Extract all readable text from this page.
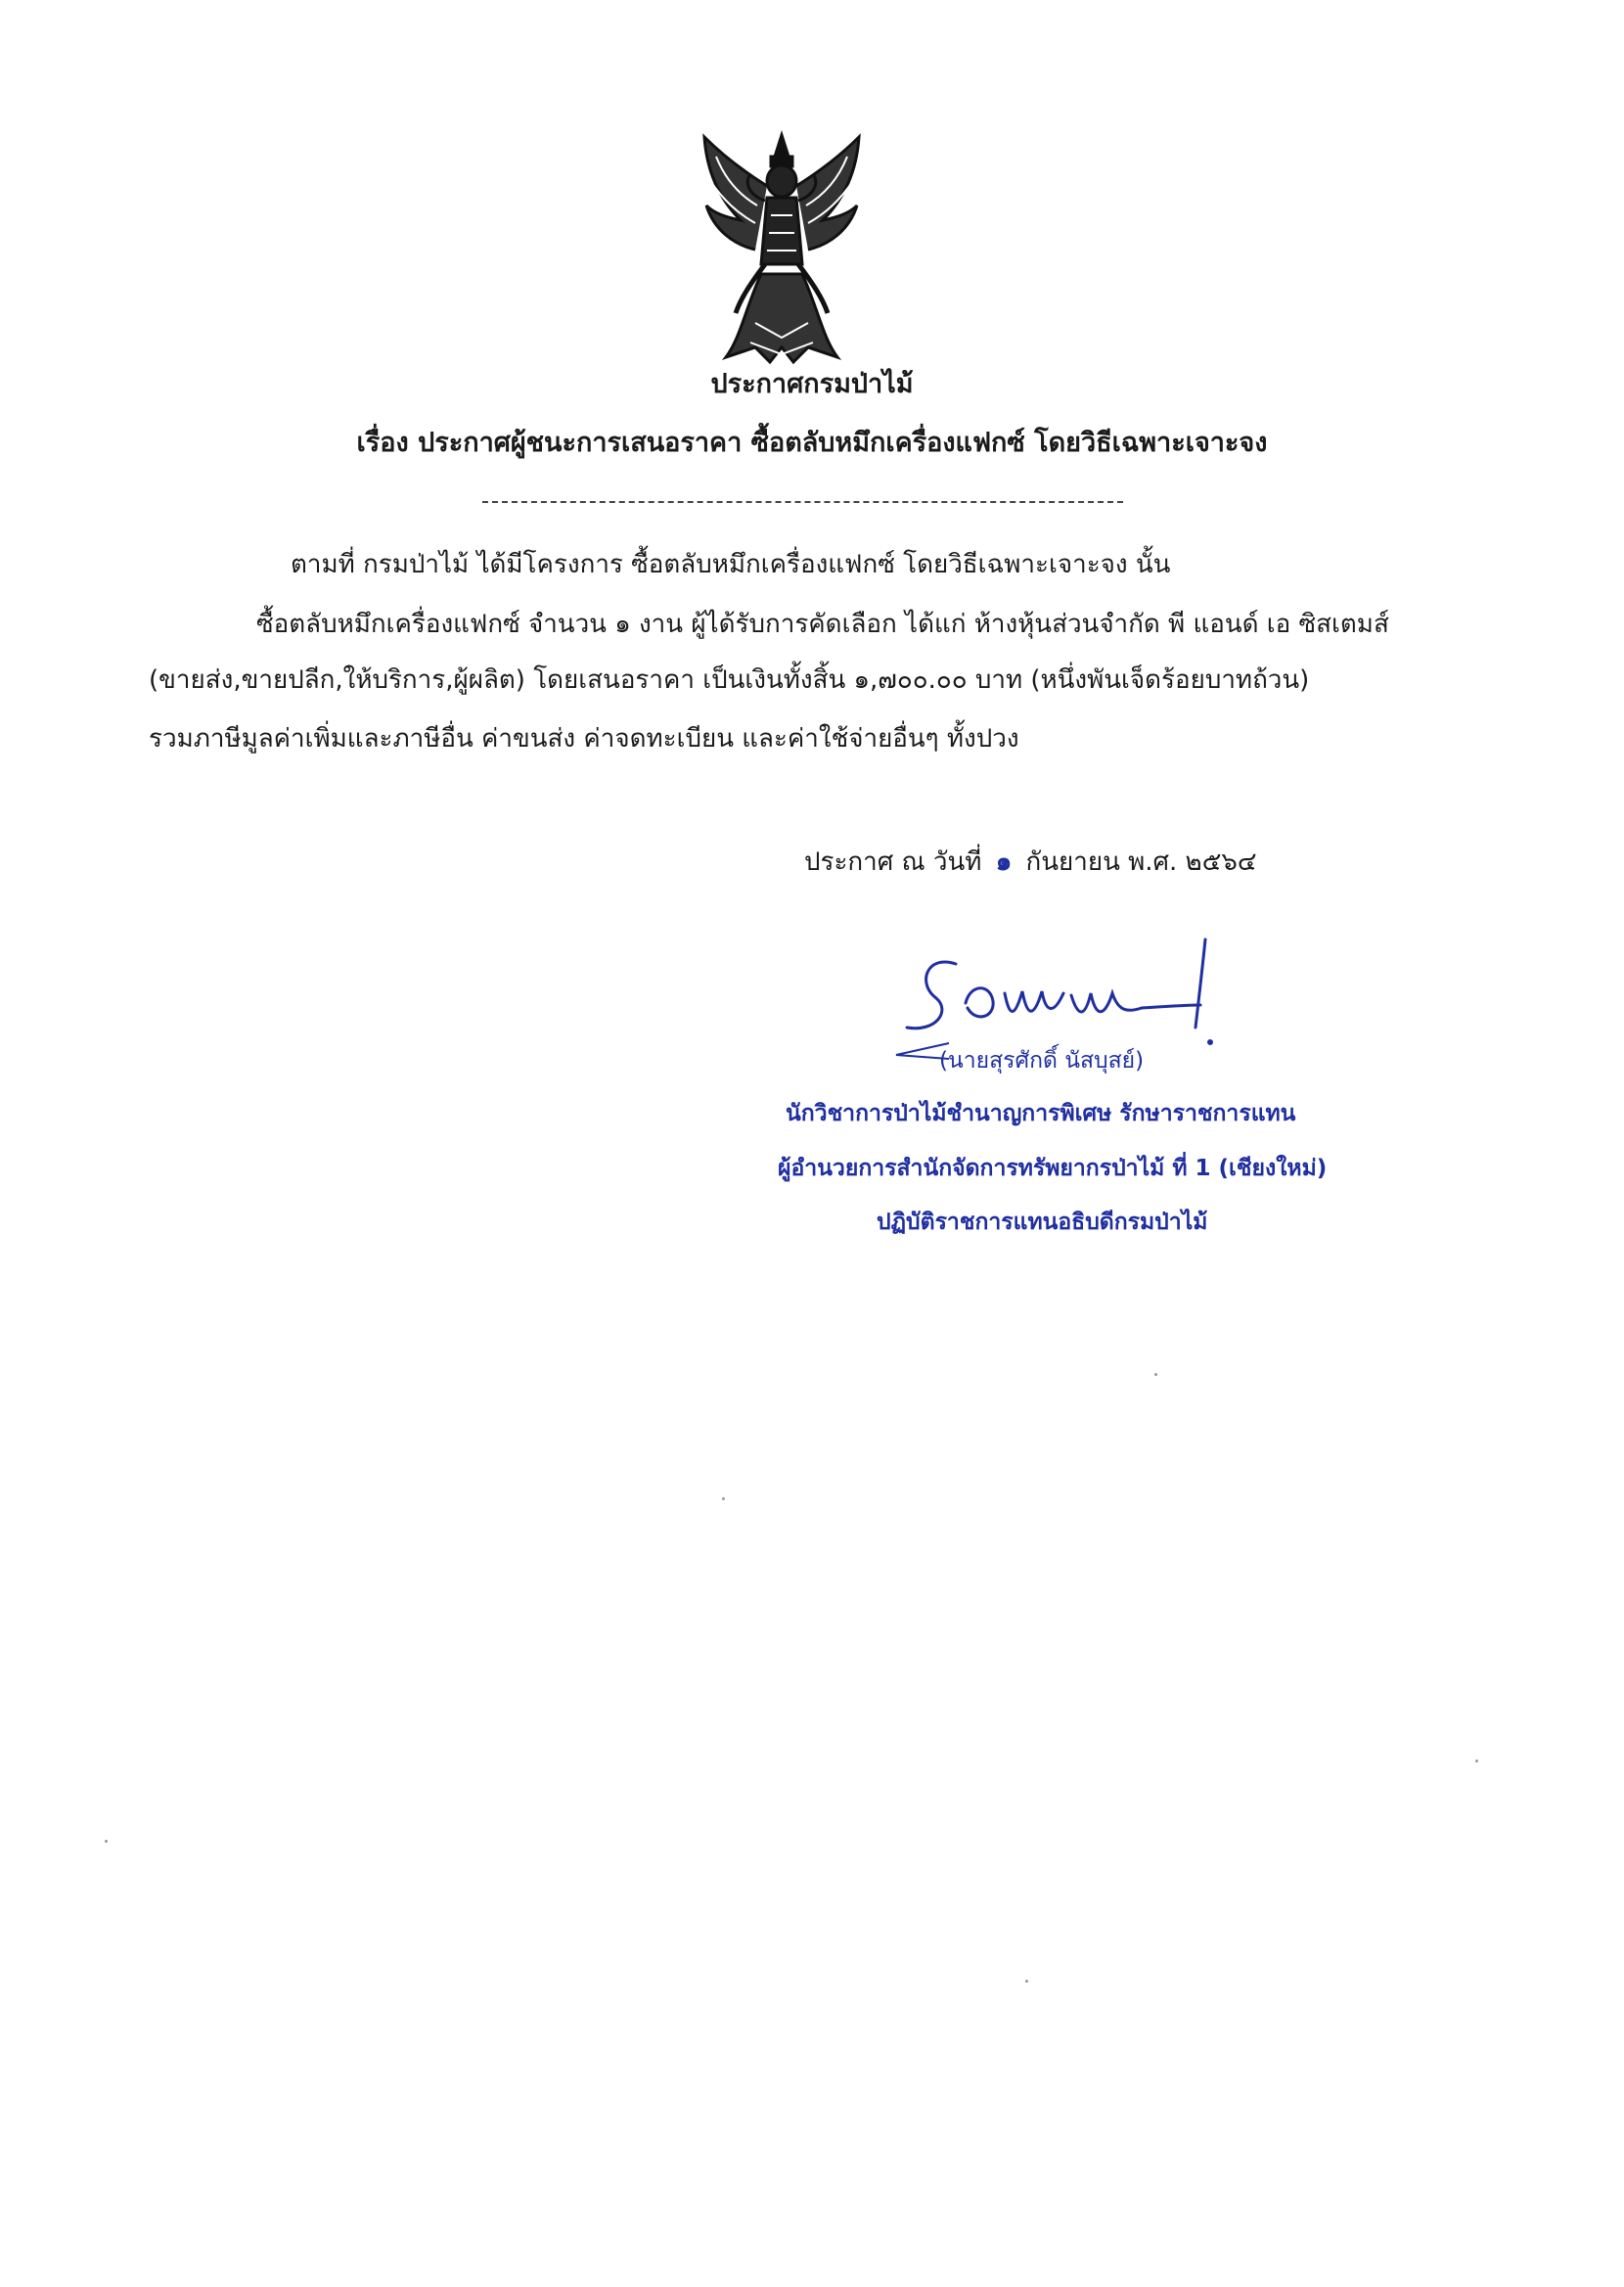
ประกาศกรมป่าไม้
เรื่อง ประกาศผู้ชนะการเสนอราคา ซื้อตลับหมึกเครื่องแฟกซ์ โดยวิธีเฉพาะเจาะจง
ตามที่ กรมป่าไม้ ได้มีโครงการ ซื้อตลับหมึกเครื่องแฟกซ์ โดยวิธีเฉพาะเจาะจง นั้น
ซื้อตลับหมึกเครื่องแฟกซ์ จำนวน ๑ งาน ผู้ได้รับการคัดเลือก ได้แก่ ห้างหุ้นส่วนจำกัด พี แอนด์ เอ ซิสเตมส์
(ขายส่ง,ขายปลีก,ให้บริการ,ผู้ผลิต) โดยเสนอราคา เป็นเงินทั้งสิ้น ๑,๗๐๐.๐๐ บาท (หนึ่งพันเจ็ดร้อยบาทถ้วน)
รวมภาษีมูลค่าเพิ่มและภาษีอื่น ค่าขนส่ง ค่าจดทะเบียน และค่าใช้จ่ายอื่นๆ ทั้งปวง
ประกาศ ณ วันที่ ๑ กันยายน พ.ศ. ๒๕๖๔
(นายสุรศักดิ์ นัสบุสย์)
นักวิชาการป่าไม้ชำนาญการพิเศษ รักษาราชการแทน
ผู้อำนวยการสำนักจัดการทรัพยากรป่าไม้ ที่ 1 (เชียงใหม่)
ปฏิบัติราชการแทนอธิบดีกรมป่าไม้
